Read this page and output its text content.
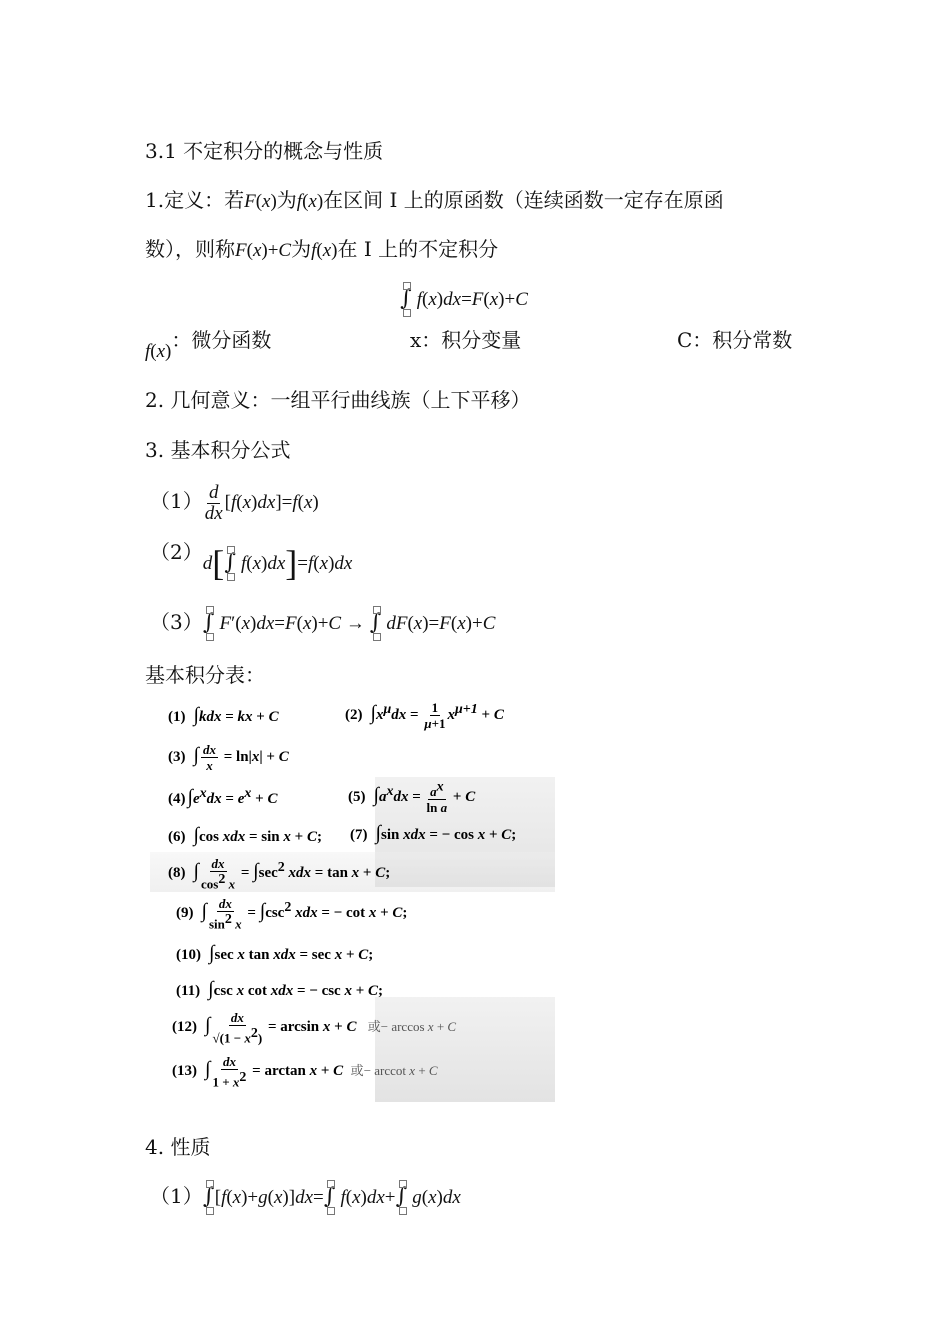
3.1 不定积分的概念与性质
1.定义：若F(x)为f(x)在区间 I 上的原函数（连续函数一定存在原函
数），则称F(x)+C为f(x)在 I 上的不定积分
∫
f(x)dx=F(x)+C
f(x)：微分函数	x：积分变量	C：积分常数
2. 几何意义：一组平行曲线族（上下平移）
3. 基本积分公式
$(1) \frac{d}{dx} [f(x)dx]=f(x)$
（2）d[∫
f(x)dx]=f(x)dx
（3）∫
F′(x)dx=F(x)+C → ∫
dF(x)=F(x)+C
基本积分表：
(1) ∫kdx = kx + C	(2) $\int x^\mu dx = \frac{1}{\mu+1} x^{\mu+1} + C$
(3) ∫ $\frac{dx}{x} = \ln|x| + C$
(4) $\int e^xdx = e^x + C$	(5) $\int a^xdx = \frac{a^x}{\text{ln a}} + C$
(6) ∫cos xdx = sin x + C; (7) ∫sin xdx = − cos x + C;
(8) ∫ $\frac{dx}{\cos^2 x} = \int\sec^2$ xdx = tan x + C;
(9) ∫ $\frac{dx}{\sin^2 x} = \int\csc^2$ xdx = − cot x + C;
(10) ∫sec x tan xdx = sec x + C;
(11) ∫csc x cot xdx = − csc x + C;
(12) ∫ $\frac{dx}{√(1 - x^2)} = \arcsin x + C$ 或− arccos x + C
(13) ∫ $\frac{dx}{1 + x^2} = \arctan x + C$ 或− arccot x + C
4. 性质
（1）∫
[f(x)+g(x)]dx=∫
f(x)dx+∫
g(x)dx
